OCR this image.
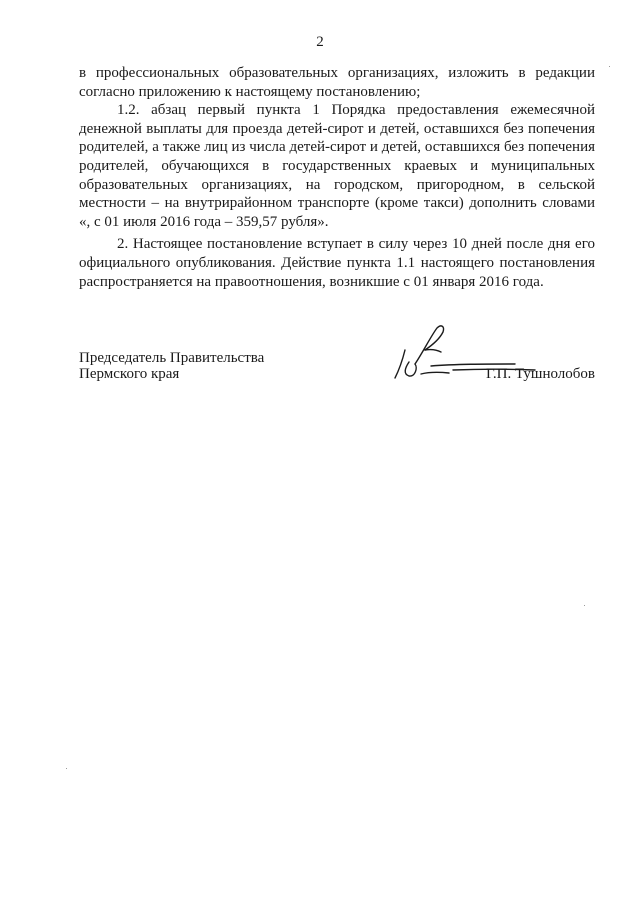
2

в профессиональных образовательных организациях, изложить в редакции согласно приложению к настоящему постановлению;

1.2. абзац первый пункта 1 Порядка предоставления ежемесячной денежной выплаты для проезда детей-сирот и детей, оставшихся без попечения родителей, а также лиц из числа детей-сирот и детей, оставшихся без попечения родителей, обучающихся в государственных краевых и муниципальных образовательных организациях, на городском, пригородном, в сельской местности – на внутрирайонном транспорте (кроме такси) дополнить словами «, с 01 июля 2016 года – 359,57 рубля».

2. Настоящее постановление вступает в силу через 10 дней после дня его официального опубликования. Действие пункта 1.1 настоящего постановления распространяется на правоотношения, возникшие с 01 января 2016 года.

Председатель Правительства
Пермского края	Г.П. Тушнолобов
